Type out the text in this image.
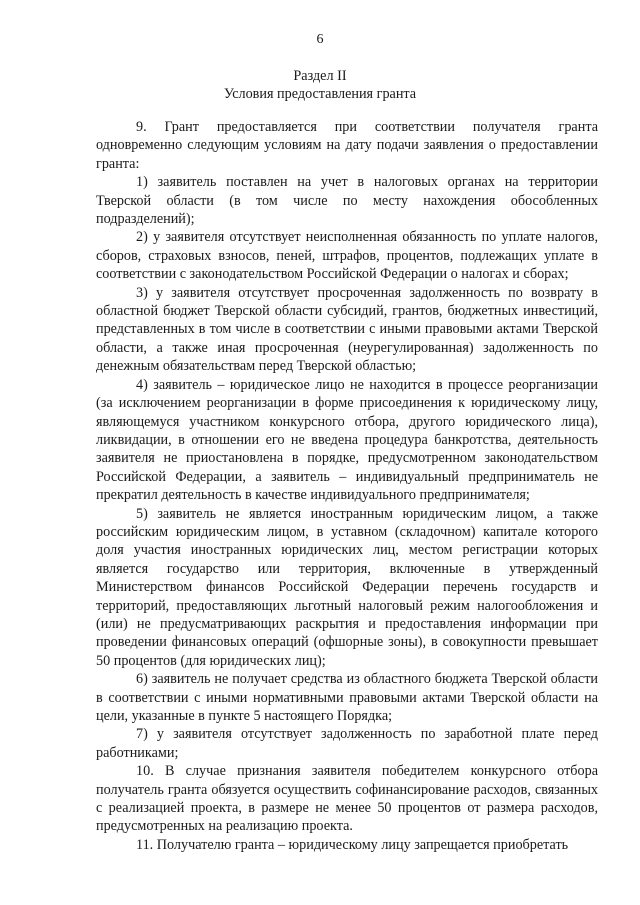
6
Раздел II
Условия предоставления гранта

9. Грант предоставляется при соответствии получателя гранта одновременно следующим условиям на дату подачи заявления о предоставлении гранта:

1) заявитель поставлен на учет в налоговых органах на территории Тверской области (в том числе по месту нахождения обособленных подразделений);

2) у заявителя отсутствует неисполненная обязанность по уплате налогов, сборов, страховых взносов, пеней, штрафов, процентов, подлежащих уплате в соответствии с законодательством Российской Федерации о налогах и сборах;

3) у заявителя отсутствует просроченная задолженность по возврату в областной бюджет Тверской области субсидий, грантов, бюджетных инвестиций, представленных в том числе в соответствии с иными правовыми актами Тверской области, а также иная просроченная (неурегулированная) задолженность по денежным обязательствам перед Тверской областью;

4) заявитель – юридическое лицо не находится в процессе реорганизации (за исключением реорганизации в форме присоединения к юридическому лицу, являющемуся участником конкурсного отбора, другого юридического лица), ликвидации, в отношении его не введена процедура банкротства, деятельность заявителя не приостановлена в порядке, предусмотренном законодательством Российской Федерации, а заявитель – индивидуальный предприниматель не прекратил деятельность в качестве индивидуального предпринимателя;

5) заявитель не является иностранным юридическим лицом, а также российским юридическим лицом, в уставном (складочном) капитале которого доля участия иностранных юридических лиц, местом регистрации которых является государство или территория, включенные в утвержденный Министерством финансов Российской Федерации перечень государств и территорий, предоставляющих льготный налоговый режим налогообложения и (или) не предусматривающих раскрытия и предоставления информации при проведении финансовых операций (офшорные зоны), в совокупности превышает 50 процентов (для юридических лиц);

6) заявитель не получает средства из областного бюджета Тверской области в соответствии с иными нормативными правовыми актами Тверской области на цели, указанные в пункте 5 настоящего Порядка;

7) у заявителя отсутствует задолженность по заработной плате перед работниками;

10. В случае признания заявителя победителем конкурсного отбора получатель гранта обязуется осуществить софинансирование расходов, связанных с реализацией проекта, в размере не менее 50 процентов от размера расходов, предусмотренных на реализацию проекта.

11. Получателю гранта – юридическому лицу запрещается приобретать
